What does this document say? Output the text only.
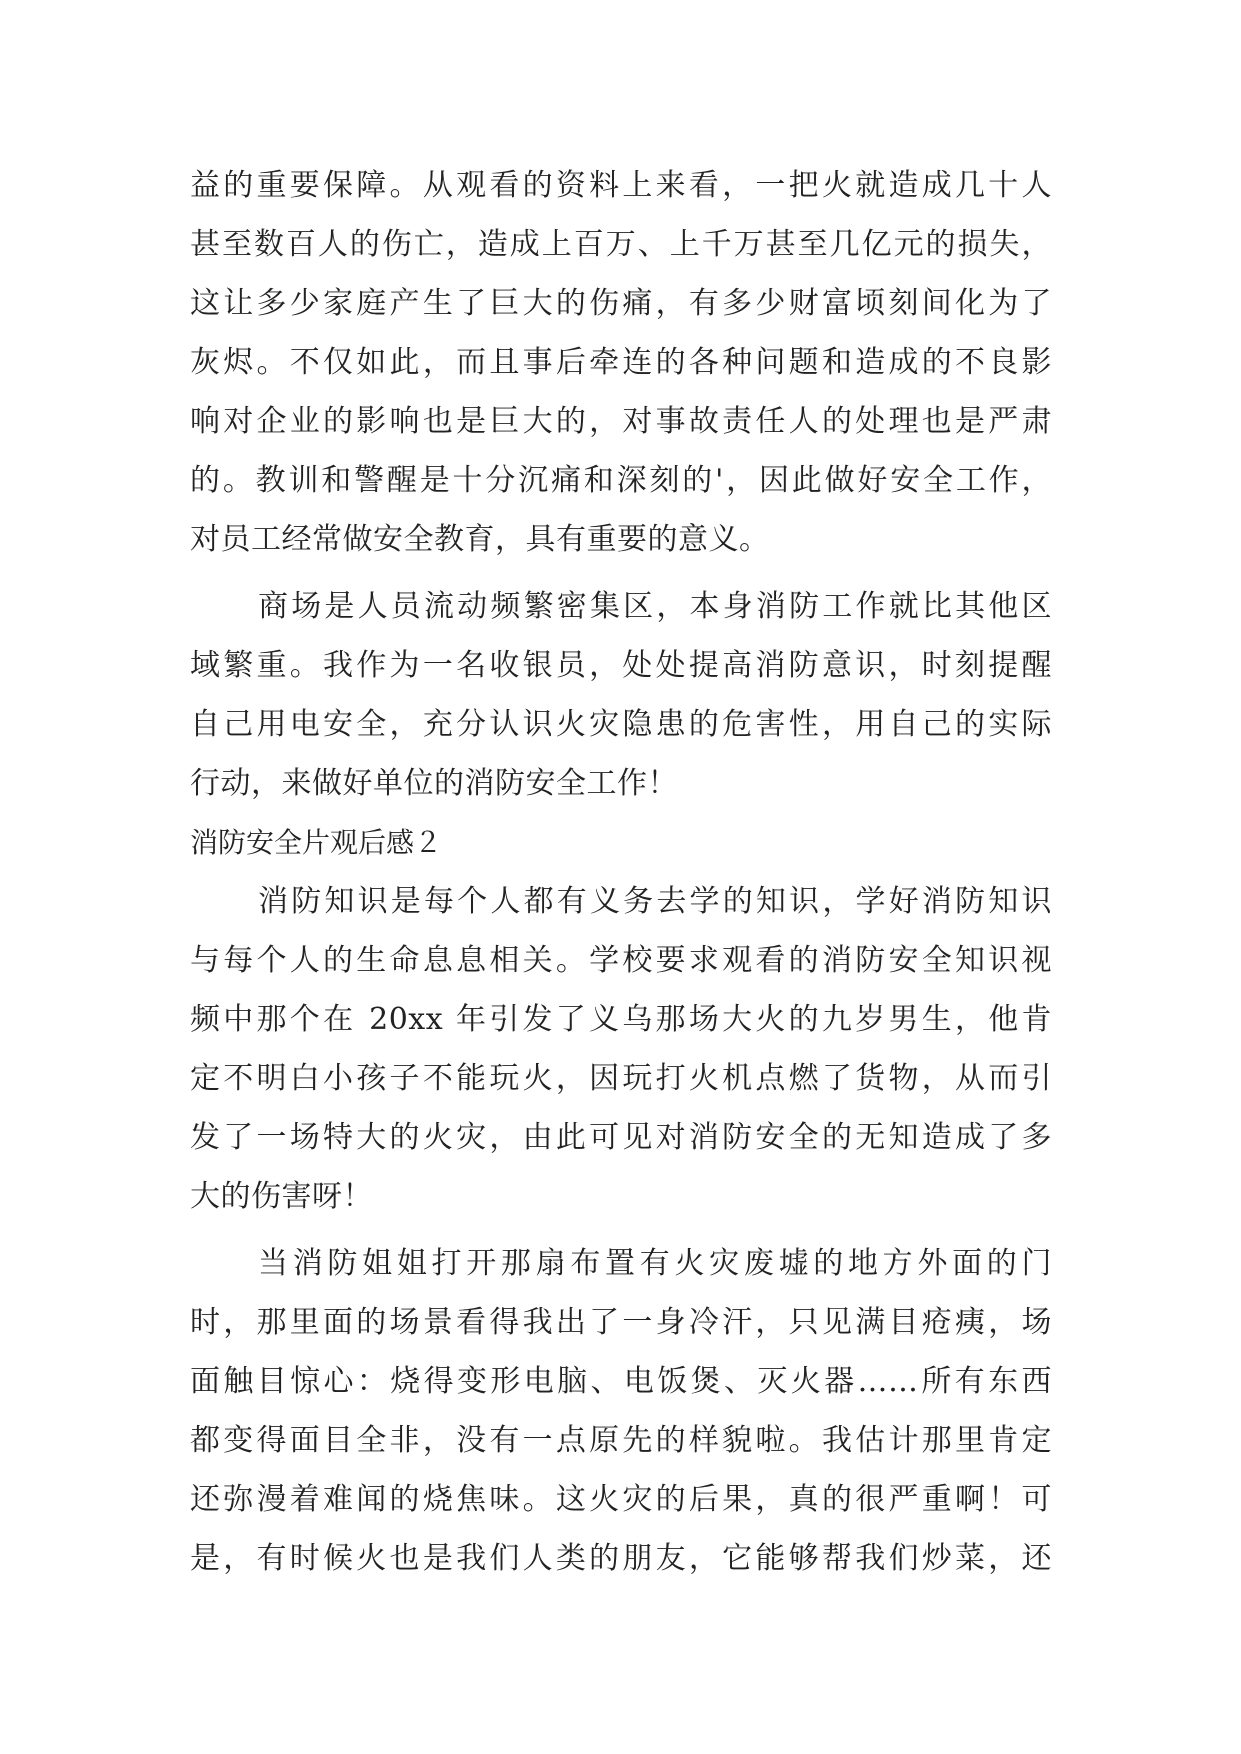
益的重要保障。从观看的资料上来看，一把火就造成几十人
甚至数百人的伤亡，造成上百万、上千万甚至几亿元的损失，
这让多少家庭产生了巨大的伤痛，有多少财富顷刻间化为了
灰烬。不仅如此，而且事后牵连的各种问题和造成的不良影
响对企业的影响也是巨大的，对事故责任人的处理也是严肃
的。教训和警醒是十分沉痛和深刻的'，因此做好安全工作，
对员工经常做安全教育，具有重要的意义。
商场是人员流动频繁密集区，本身消防工作就比其他区
域繁重。我作为一名收银员，处处提高消防意识，时刻提醒
自己用电安全，充分认识火灾隐患的危害性，用自己的实际
行动，来做好单位的消防安全工作！
消防安全片观后感２
消防知识是每个人都有义务去学的知识，学好消防知识
与每个人的生命息息相关。学校要求观看的消防安全知识视
频中那个在 20xx 年引发了义乌那场大火的九岁男生，他肯
定不明白小孩子不能玩火，因玩打火机点燃了货物，从而引
发了一场特大的火灾，由此可见对消防安全的无知造成了多
大的伤害呀！
当消防姐姐打开那扇布置有火灾废墟的地方外面的门
时，那里面的场景看得我出了一身冷汗，只见满目疮痍，场
面触目惊心：烧得变形电脑、电饭煲、灭火器……所有东西
都变得面目全非，没有一点原先的样貌啦。我估计那里肯定
还弥漫着难闻的烧焦味。这火灾的后果，真的很严重啊！可
是，有时候火也是我们人类的朋友，它能够帮我们炒菜，还
